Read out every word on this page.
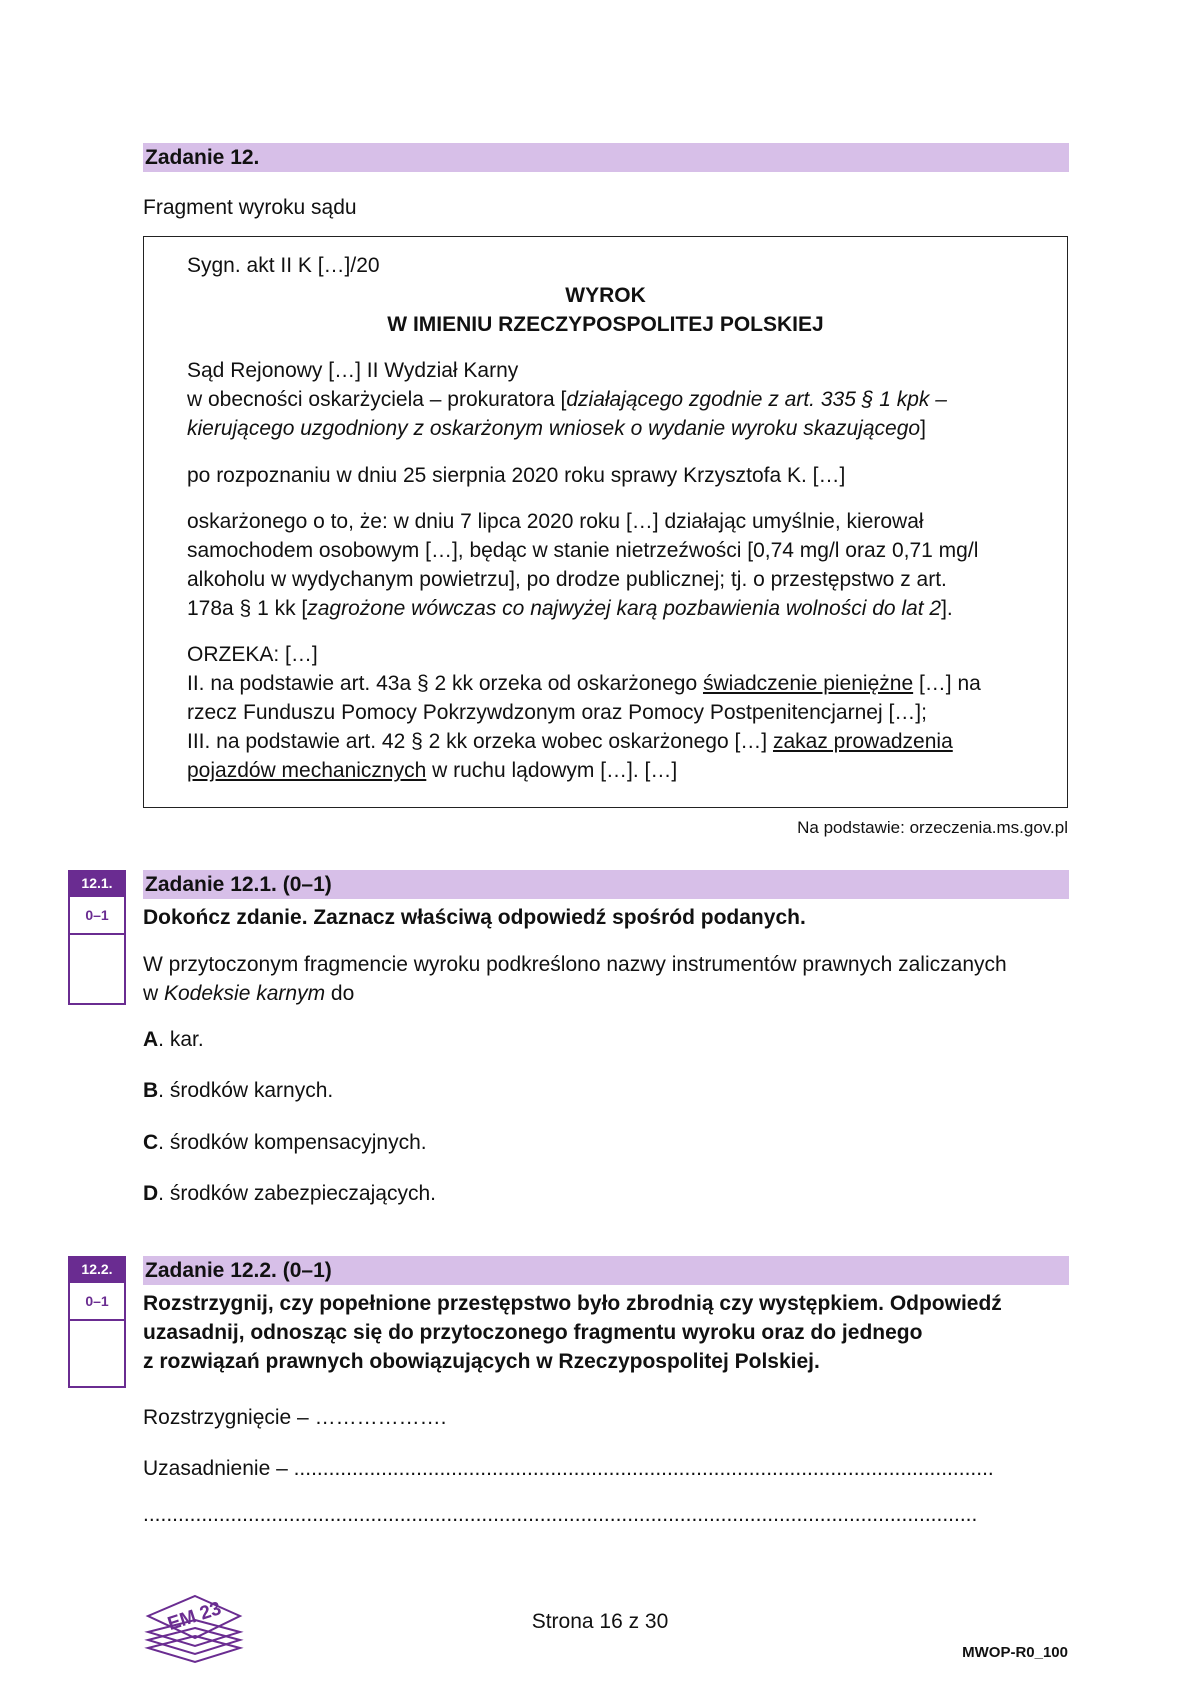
Zadanie 12.
Fragment wyroku sądu
Sygn. akt II K […]/20
WYROK
W IMIENIU RZECZYPOSPOLITEJ POLSKIEJ
Sąd Rejonowy […] II Wydział Karny
w obecności oskarżyciela – prokuratora [działającego zgodnie z art. 335 § 1 kpk –
kierującego uzgodniony z oskarżonym wniosek o wydanie wyroku skazującego]
po rozpoznaniu w dniu 25 sierpnia 2020 roku sprawy Krzysztofa K. […]
oskarżonego o to, że: w dniu 7 lipca 2020 roku […] działając umyślnie, kierował
samochodem osobowym […], będąc w stanie nietrzeźwości [0,74 mg/l oraz 0,71 mg/l
alkoholu w wydychanym powietrzu], po drodze publicznej; tj. o przestępstwo z art.
178a § 1 kk [zagrożone wówczas co najwyżej karą pozbawienia wolności do lat 2].
ORZEKA: […]
II. na podstawie art. 43a § 2 kk orzeka od oskarżonego świadczenie pieniężne […] na
rzecz Funduszu Pomocy Pokrzywdzonym oraz Pomocy Postpenitencjarnej […];
III. na podstawie art. 42 § 2 kk orzeka wobec oskarżonego […] zakaz prowadzenia
pojazdów mechanicznych w ruchu lądowym […]. […]
Na podstawie: orzeczenia.ms.gov.pl
12.1.
0–1
Zadanie 12.1. (0–1)
Dokończ zdanie. Zaznacz właściwą odpowiedź spośród podanych.
W przytoczonym fragmencie wyroku podkreślono nazwy instrumentów prawnych zaliczanych
w Kodeksie karnym do
A. kar.
B. środków karnych.
C. środków kompensacyjnych.
D. środków zabezpieczających.
12.2.
0–1
Zadanie 12.2. (0–1)
Rozstrzygnij, czy popełnione przestępstwo było zbrodnią czy występkiem. Odpowiedź
uzasadnij, odnosząc się do przytoczonego fragmentu wyroku oraz do jednego
z rozwiązań prawnych obowiązujących w Rzeczypospolitej Polskiej.
Rozstrzygnięcie – ……………….
Uzasadnienie – ........................................................................................................................
...............................................................................................................................................
EM 23	Strona 16 z 30
MWOP-R0_100
